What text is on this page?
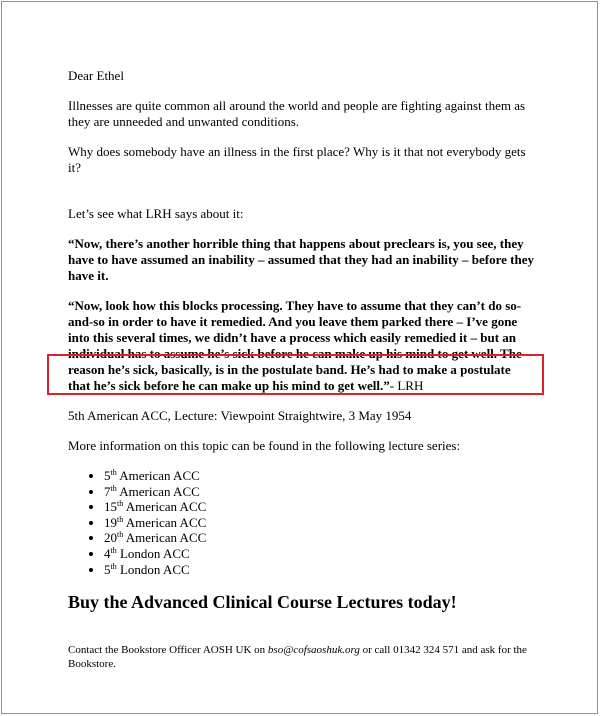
Dear Ethel

Illnesses are quite common all around the world and people are fighting against them as they are unneeded and unwanted conditions.

Why does somebody have an illness in the first place? Why is it that not everybody gets it?

Let’s see what LRH says about it:

“Now, there’s another horrible thing that happens about preclears is, you see, they have to have assumed an inability – assumed that they had an inability – before they have it.

“Now, look how this blocks processing. They have to assume that they can’t do so-and-so in order to have it remedied. And you leave them parked there – I’ve gone into this several times, we didn’t have a process which easily remedied it – but an individual has to assume he’s sick before he can make up his mind to get well. The reason he’s sick, basically, is in the postulate band. He’s had to make a postulate that he’s sick before he can make up his mind to get well.”- LRH

5th American ACC, Lecture: Viewpoint Straightwire, 3 May 1954

More information on this topic can be found in the following lecture series:

• 5th American ACC
• 7th American ACC
• 15th American ACC
• 19th American ACC
• 20th American ACC
• 4th London ACC
• 5th London ACC

Buy the Advanced Clinical Course Lectures today!

Contact the Bookstore Officer AOSH UK on bso@cofsaoshuk.org or call 01342 324 571 and ask for the Bookstore.
